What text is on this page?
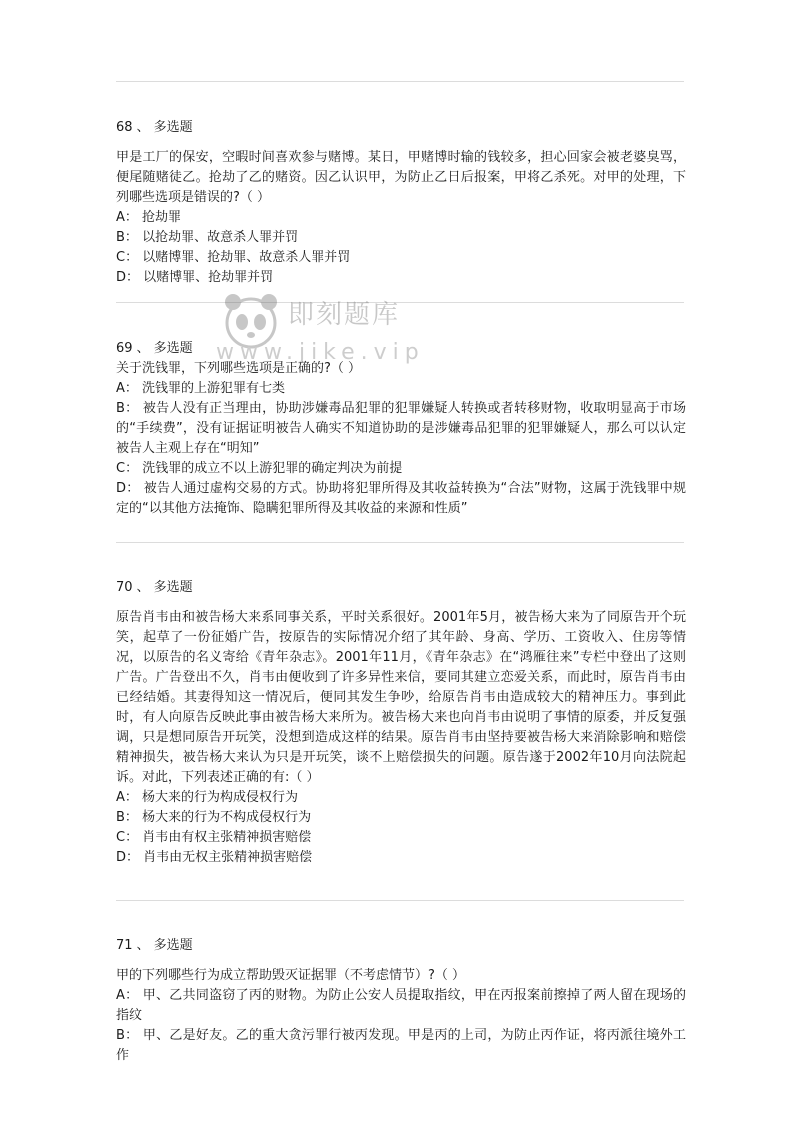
即刻题库
www.jike.vip
68 、 多选题
甲是工厂的保安，空暇时间喜欢参与赌博。某日，甲赌博时输的钱较多，担心回家会被老婆臭骂，便尾随赌徒乙。抢劫了乙的赌资。因乙认识甲，为防止乙日后报案，甲将乙杀死。对甲的处理，下列哪些选项是错误的?（ ）
A： 抢劫罪
B： 以抢劫罪、故意杀人罪并罚
C： 以赌博罪、抢劫罪、故意杀人罪并罚
D： 以赌博罪、抢劫罪并罚
69 、 多选题
关于洗钱罪，下列哪些选项是正确的?（ ）
A： 洗钱罪的上游犯罪有七类
B： 被告人没有正当理由，协助涉嫌毒品犯罪的犯罪嫌疑人转换或者转移财物，收取明显高于市场的“手续费”，没有证据证明被告人确实不知道协助的是涉嫌毒品犯罪的犯罪嫌疑人，那么可以认定被告人主观上存在“明知”
C： 洗钱罪的成立不以上游犯罪的确定判决为前提
D： 被告人通过虚构交易的方式。协助将犯罪所得及其收益转换为“合法”财物，这属于洗钱罪中规定的“以其他方法掩饰、隐瞒犯罪所得及其收益的来源和性质”
70 、 多选题
原告肖韦由和被告杨大来系同事关系，平时关系很好。2001年5月，被告杨大来为了同原告开个玩笑，起草了一份征婚广告，按原告的实际情况介绍了其年龄、身高、学历、工资收入、住房等情况，以原告的名义寄给《青年杂志》。2001年11月，《青年杂志》在“鸿雁往来”专栏中登出了这则广告。广告登出不久，肖韦由便收到了许多异性来信，要同其建立恋爱关系，而此时，原告肖韦由已经结婚。其妻得知这一情况后，便同其发生争吵，给原告肖韦由造成较大的精神压力。事到此时，有人向原告反映此事由被告杨大来所为。被告杨大来也向肖韦由说明了事情的原委，并反复强调，只是想同原告开玩笑，没想到造成这样的结果。原告肖韦由坚持要被告杨大来消除影响和赔偿精神损失，被告杨大来认为只是开玩笑，谈不上赔偿损失的问题。原告遂于2002年10月向法院起诉。对此，下列表述正确的有:（ ）
A： 杨大来的行为构成侵权行为
B： 杨大来的行为不构成侵权行为
C： 肖韦由有权主张精神损害赔偿
D： 肖韦由无权主张精神损害赔偿
71 、 多选题
甲的下列哪些行为成立帮助毁灭证据罪（不考虑情节）?（ ）
A： 甲、乙共同盗窃了丙的财物。为防止公安人员提取指纹，甲在丙报案前擦掉了两人留在现场的指纹
B： 甲、乙是好友。乙的重大贪污罪行被丙发现。甲是丙的上司，为防止丙作证，将丙派往境外工作
